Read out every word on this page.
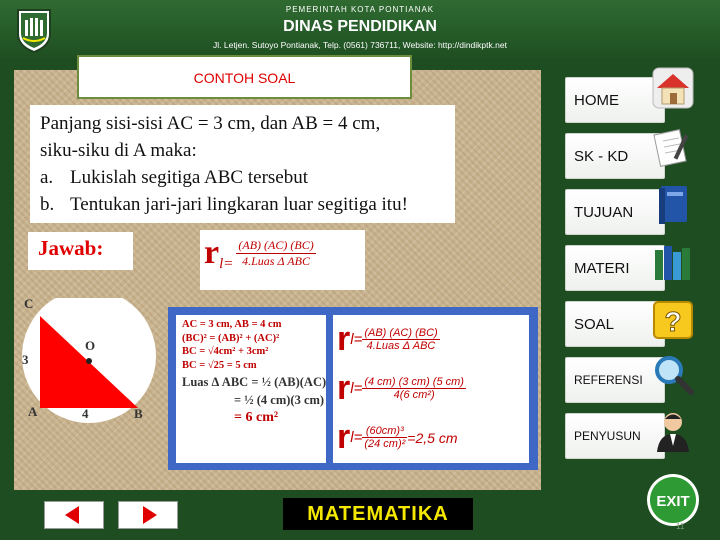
PEMERINTAH KOTA PONTIANAK
DINAS PENDIDIKAN
Jl. Letjen. Sutoyo Pontianak, Telp. (0561) 736711, Website: http://dindikptk.net
CONTOH SOAL
Panjang sisi-sisi AC = 3 cm, dan AB = 4 cm,
siku-siku di A maka:
a. Lukislah segitiga ABC tersebut
b. Tentukan jari-jari lingkaran luar segitiga itu!
Jawab:	rl=
(AB) (AC) (BC)
4.Luas Δ ABC
C
A	B
O
3
4
AC = 3 cm, AB = 4 cm
(BC)² = (AB)² + (AC)²
BC = √4cm² + 3cm²
BC = √25 = 5 cm
Luas Δ ABC = ½ (AB)(AC)
= ½ (4 cm)(3 cm)
= 6 cm²
r l = (AB) (AC) (BC)
4.Luas Δ ABC
r $l = \frac{(4 cm) (3 cm) (5 cm)}{\text{4(6 cm²)}}$
r $l = \frac{\text{(60cm)³}}{\text{(24 cm)²}} =2,5$ cm
HOME
SK - KD
TUJUAN
MATERI
SOAL ?
REFERENSI
PENYUSUN
MATEMATIKA
EXIT
11
